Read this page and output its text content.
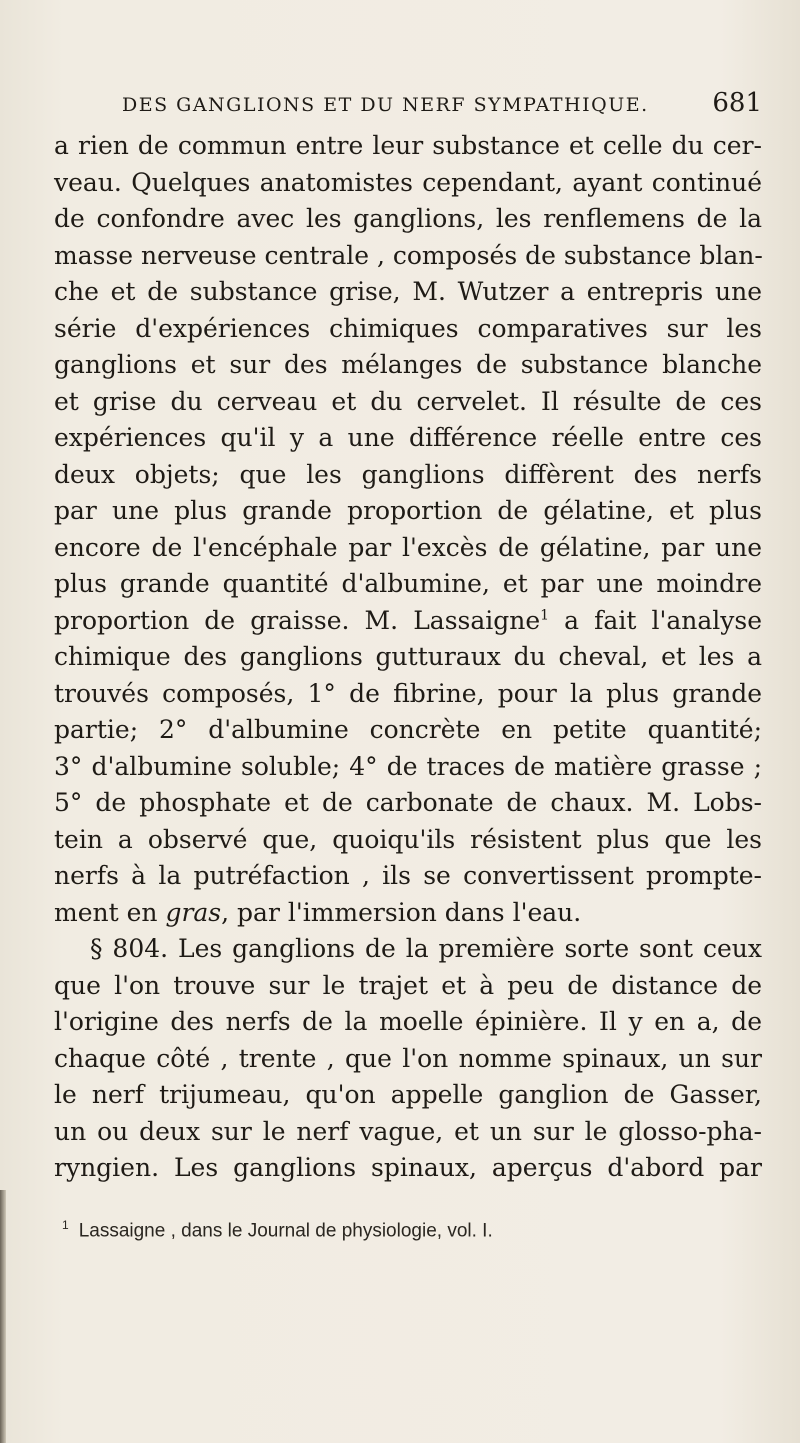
DES GANGLIONS ET DU NERF SYMPATHIQUE. 681
a rien de commun entre leur substance et celle du cer-
veau. Quelques anatomistes cependant, ayant continué
de confondre avec les ganglions, les renflemens de la
masse nerveuse centrale , composés de substance blan-
che et de substance grise, M. Wutzer a entrepris une
série d'expériences chimiques comparatives sur les
ganglions et sur des mélanges de substance blanche
et grise du cerveau et du cervelet. Il résulte de ces
expériences qu'il y a une différence réelle entre ces
deux objets; que les ganglions diffèrent des nerfs
par une plus grande proportion de gélatine, et plus
encore de l'encéphale par l'excès de gélatine, par une
plus grande quantité d'albumine, et par une moindre
proportion de graisse. M. Lassaigne$^1$ a fait l'analyse
chimique des ganglions gutturaux du cheval, et les a
trouvés composés, 1° de fibrine, pour la plus grande
partie; 2° d'albumine concrète en petite quantité;
3° d'albumine soluble; 4° de traces de matière grasse ;
5° de phosphate et de carbonate de chaux. M. Lobs-
tein a observé que, quoiqu'ils résistent plus que les
nerfs à la putréfaction , ils se convertissent prompte-
ment en gras, par l'immersion dans l'eau.
§ 804. Les ganglions de la première sorte sont ceux
que l'on trouve sur le trajet et à peu de distance de
l'origine des nerfs de la moelle épinière. Il y en a, de
chaque côté , trente , que l'on nomme spinaux, un sur
le nerf trijumeau, qu'on appelle ganglion de Gasser,
un ou deux sur le nerf vague, et un sur le glosso-pha-
ryngien. Les ganglions spinaux, aperçus d'abord par
$^1$ Lassaigne , dans le Journal de physiologie, vol. I.
